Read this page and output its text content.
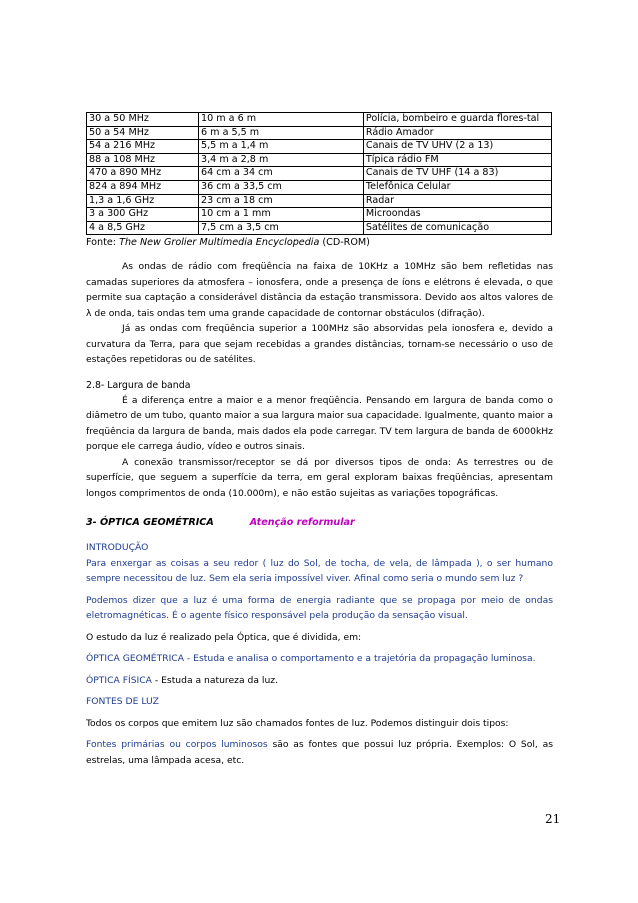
30 a 50 MHz	10 m a 6 m	Polícia, bombeiro e guarda flores-tal
50 a 54 MHz	6 m a 5,5 m	Rádio Amador
54 a 216 MHz	5,5 m a 1,4 m	Canais de TV UHV (2 a 13)
88 a 108 MHz	3,4 m a 2,8 m	Típica rádio FM
470 a 890 MHz	64 cm a 34 cm	Canais de TV UHF (14 a 83)
824 a 894 MHz	36 cm a 33,5 cm	Telefônica Celular
1,3 a 1,6 GHz	23 cm a 18 cm	Radar
3 a 300 GHz	10 cm a 1 mm	Microondas
4 a 8,5 GHz	7,5 cm a 3,5 cm	Satélites de comunicação
Fonte: The New Grolier Multimedia Encyclopedia (CD-ROM)

As ondas de rádio com freqüência na faixa de 10KHz a 10MHz são bem refletidas nas camadas superiores da atmosfera – ionosfera, onde a presença de íons e elétrons é elevada, o que permite sua captação a considerável distância da estação transmissora. Devido aos altos valores de λ de onda, tais ondas tem uma grande capacidade de contornar obstáculos (difração).

Já as ondas com freqüência superior a 100MHz são absorvidas pela ionosfera e, devido a curvatura da Terra, para que sejam recebidas a grandes distâncias, tornam-se necessário o uso de estações repetidoras ou de satélites.

2.8- Largura de banda

É a diferença entre a maior e a menor freqüência. Pensando em largura de banda como o diâmetro de um tubo, quanto maior a sua largura maior sua capacidade. Igualmente, quanto maior a freqüência da largura de banda, mais dados ela pode carregar. TV tem largura de banda de 6000kHz porque ele carrega áudio, vídeo e outros sinais.

A conexão transmissor/receptor se dá por diversos tipos de onda: As terrestres ou de superfície, que seguem a superfície da terra, em geral exploram baixas freqüências, apresentam longos comprimentos de onda (10.000m), e não estão sujeitas as variações topográficas.

3- ÓPTICA GEOMÉTRICA	Atenção reformular

INTRODUÇÃO

Para enxergar as coisas a seu redor ( luz do Sol, de tocha, de vela, de lâmpada ), o ser humano sempre necessitou de luz. Sem ela seria impossível viver. Afinal como seria o mundo sem luz ?

Podemos dizer que a luz é uma forma de energia radiante que se propaga por meio de ondas eletromagnéticas. É o agente físico responsável pela produção da sensação visual.

O estudo da luz é realizado pela Óptica, que é dividida, em:

ÓPTICA GEOMÉTRICA - Estuda e analisa o comportamento e a trajetória da propagação luminosa.

ÓPTICA FÍSICA - Estuda a natureza da luz.

FONTES DE LUZ

Todos os corpos que emitem luz são chamados fontes de luz. Podemos distinguir dois tipos:

Fontes primárias ou corpos luminosos são as fontes que possui luz própria. Exemplos: O Sol, as estrelas, uma lâmpada acesa, etc.

21
